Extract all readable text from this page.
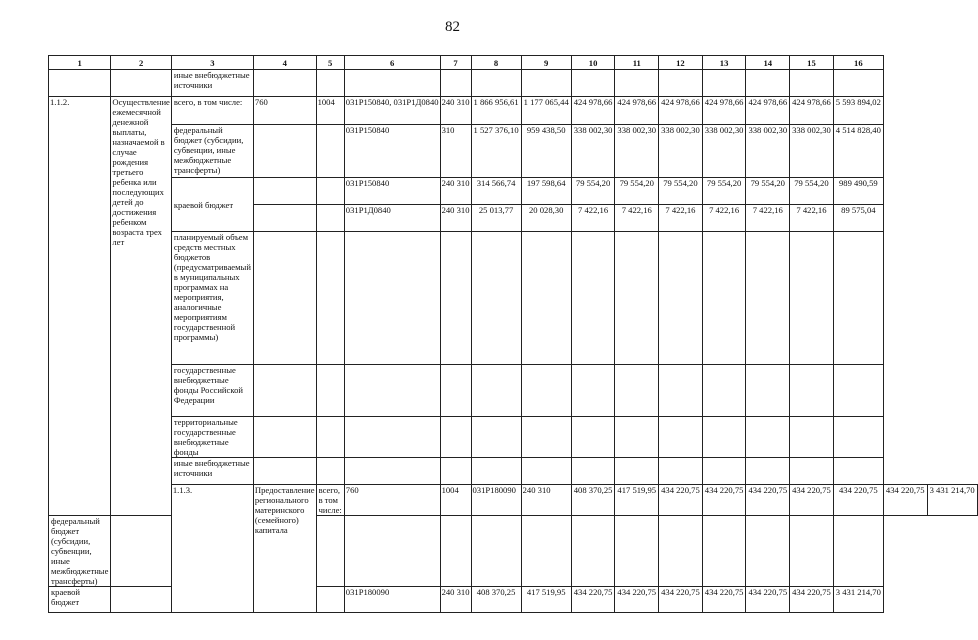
82
1	2	3	4	5	6	7	8	9	10	11	12	13	14	15	16		
		иные внебюджетные источники															
1.1.2.	Осуществление ежемесячной денежной выплаты, назначаемой в случае рождения третьего ребенка или последующих детей до достижения ребенком возраста трех лет	всего, в том числе:	760	1004	031Р150840, 031Р1Д0840	240 310	1 866 956,61	1 177 065,44	424 978,66	424 978,66	424 978,66	424 978,66	424 978,66	424 978,66	5 593 894,02		
		федеральный бюджет (субсидии, субвенции, иные межбюджетные трансферты)			031Р150840	310	1 527 376,10	959 438,50	338 002,30	338 002,30	338 002,30	338 002,30	338 002,30	338 002,30	4 514 828,40		
		краевой бюджет			031Р150840	240 310	314 566,74	197 598,64	79 554,20	79 554,20	79 554,20	79 554,20	79 554,20	79 554,20	989 490,59		
					031Р1Д0840	240 310	25 013,77	20 028,30	7 422,16	7 422,16	7 422,16	7 422,16	7 422,16	7 422,16	89 575,04		
		планируемый объем средств местных бюджетов (предусматриваемый в муниципальных программах на мероприятия, аналогичные мероприятиям государственной программы)															
		государственные внебюджетные фонды Российской Федерации															
		территориальные государственные внебюджетные фонды															
		иные внебюджетные источники															
		1.1.3.	Предоставление регионального материнского (семейного) капитала	всего, в том числе:	760	1004	031Р180090	240 310	408 370,25	417 519,95	434 220,75	434 220,75	434 220,75	434 220,75	434 220,75	434 220,75	3 431 214,70
федеральный бюджет (субсидии, субвенции, иные межбюджетные трансферты)																	
краевой бюджет					031Р180090	240 310	408 370,25	417 519,95	434 220,75	434 220,75	434 220,75	434 220,75	434 220,75	434 220,75	3 431 214,70		
